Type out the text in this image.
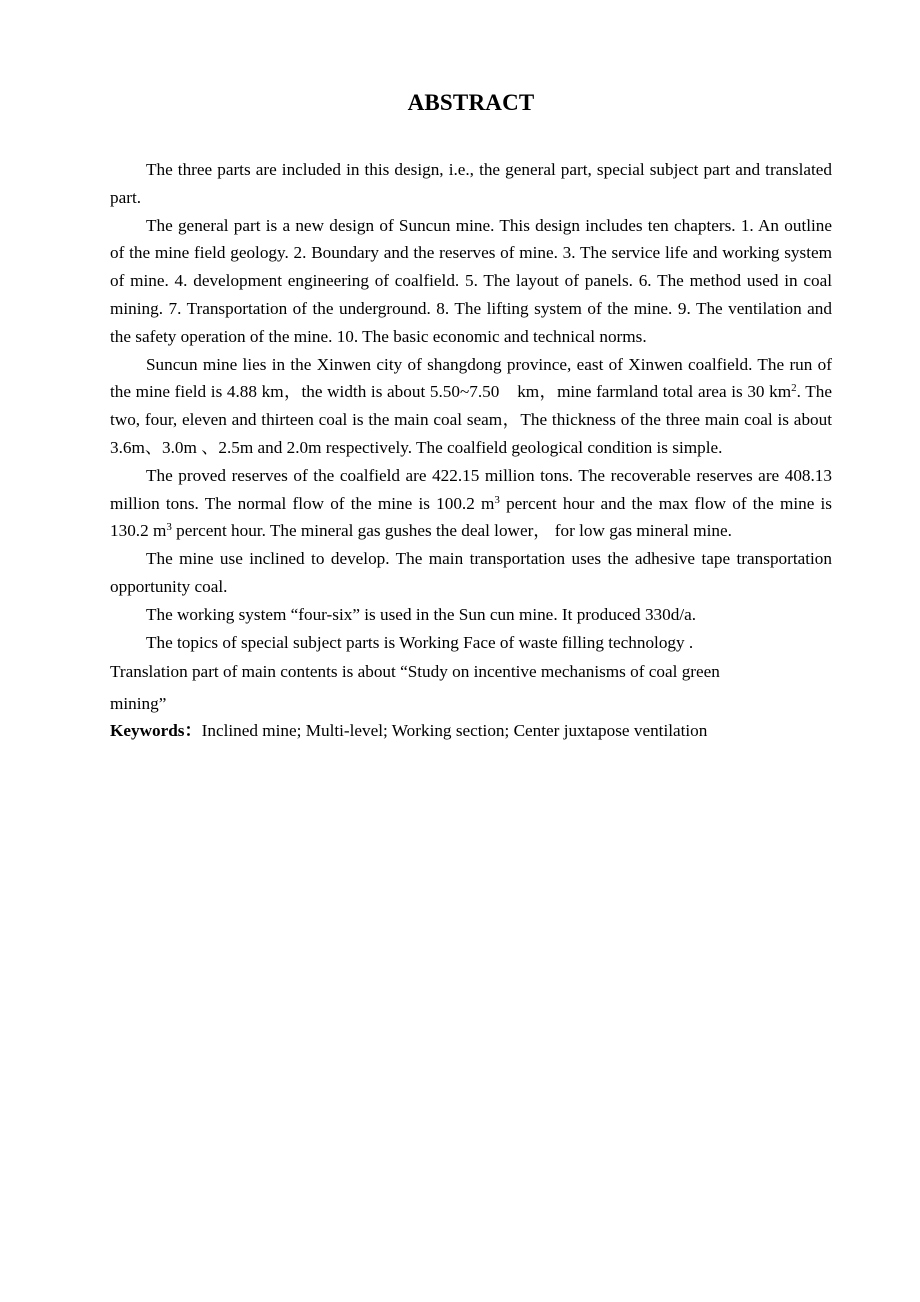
ABSTRACT

The three parts are included in this design, i.e., the general part, special subject part and translated part.

The general part is a new design of Suncun mine. This design includes ten chapters. 1. An outline of the mine field geology. 2. Boundary and the reserves of mine. 3. The service life and working system of mine. 4. development engineering of coalfield. 5. The layout of panels. 6. The method used in coal mining. 7. Transportation of the underground. 8. The lifting system of the mine. 9. The ventilation and the safety operation of the mine. 10. The basic economic and technical norms.

Suncun mine lies in the Xinwen city of shangdong province, east of Xinwen coalfield. The run of the mine field is 4.88 km，the width is about 5.50~7.50　km，mine farmland total area is 30 $km^2$. The two, four, eleven and thirteen coal is the main coal seam，The thickness of the three main coal is about 3.6m、3.0m 、2.5m and 2.0m respectively. The coalfield geological condition is simple.

The proved reserves of the coalfield are 422.15 million tons. The recoverable reserves are 408.13 million tons. The normal flow of the mine is 100.2 $m^3$ percent hour and the max flow of the mine is 130.2 $m^3$ percent hour. The mineral gas gushes the deal lower， for low gas mineral mine.

The mine use inclined to develop. The main transportation uses the adhesive tape transportation opportunity coal.

The working system “four-six” is used in the Sun cun mine. It produced 330d/a.

The topics of special subject parts is Working Face of waste filling technology .

Translation part of main contents is about “Study on incentive mechanisms of coal green
mining”

Keywords：Inclined mine; Multi-level; Working section; Center juxtapose ventilation
